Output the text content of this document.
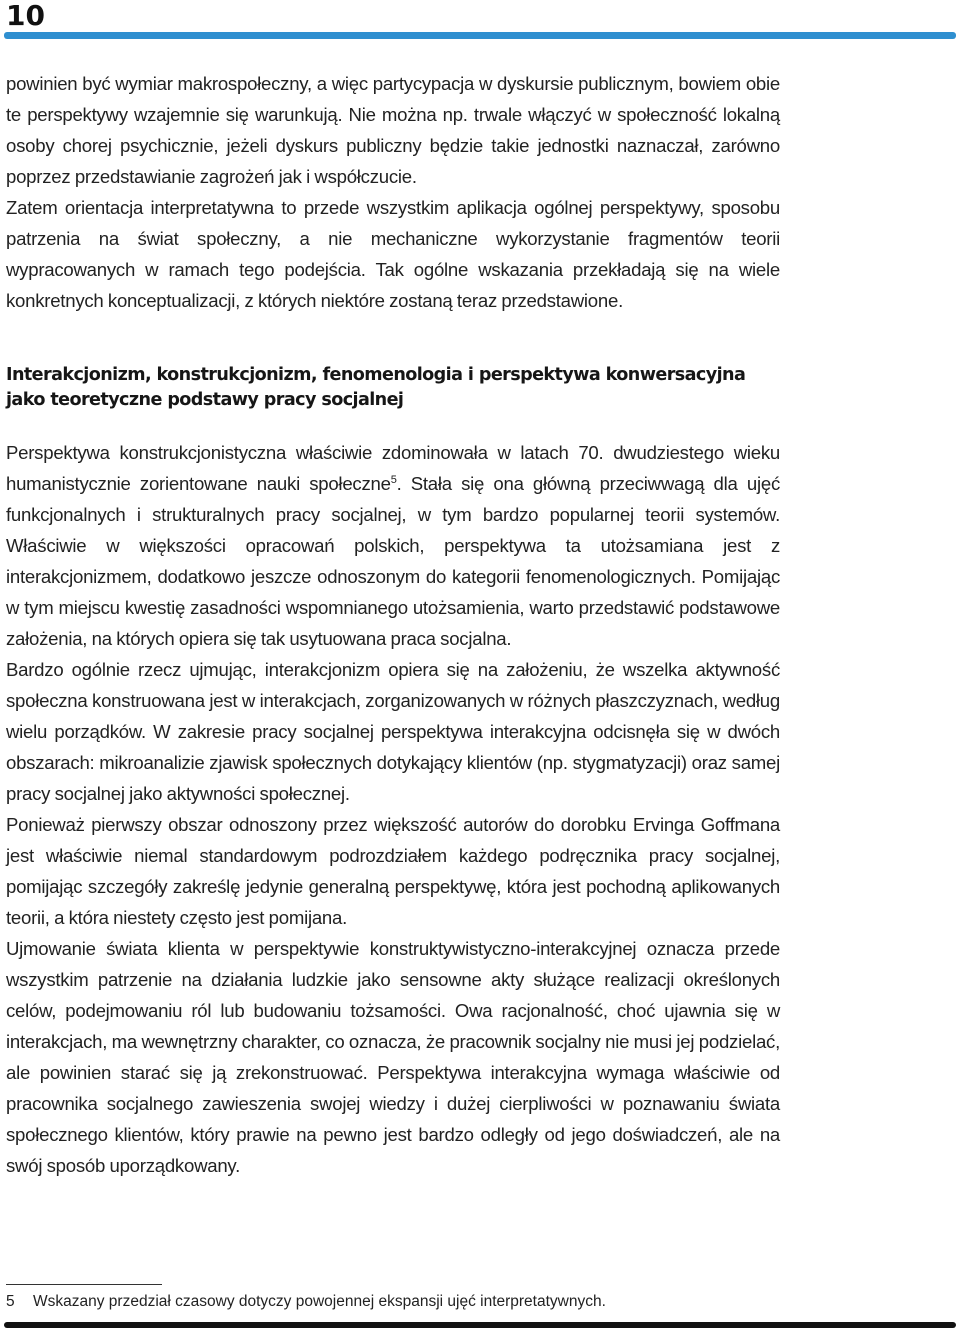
10

powinien być wymiar makrospołeczny, a więc partycypacja w dyskursie publicznym, bowiem obie te perspektywy wzajemnie się warunkują. Nie można np. trwale włączyć w społeczność lokalną osoby chorej psychicznie, jeżeli dyskurs publiczny będzie takie jednostki naznaczał, zarówno poprzez przedstawianie zagrożeń jak i współczucie.

Zatem orientacja interpretatywna to przede wszystkim aplikacja ogólnej perspektywy, sposobu patrzenia na świat społeczny, a nie mechaniczne wykorzystanie fragmentów teorii wypracowanych w ramach tego podejścia. Tak ogólne wskazania przekładają się na wiele konkretnych konceptualizacji, z których niektóre zostaną teraz przedstawione.

Interakcjonizm, konstrukcjonizm, fenomenologia i perspektywa konwersacyjna jako teoretyczne podstawy pracy socjalnej

Perspektywa konstrukcjonistyczna właściwie zdominowała w latach 70. dwudziestego wieku humanistycznie zorientowane nauki społeczne$^5$. Stała się ona główną przeciwwagą dla ujęć funkcjonalnych i strukturalnych pracy socjalnej, w tym bardzo popularnej teorii systemów. Właściwie w większości opracowań polskich, perspektywa ta utożsamiana jest z interakcjonizmem, dodatkowo jeszcze odnoszonym do kategorii fenomenologicznych. Pomijając w tym miejscu kwestię zasadności wspomnianego utożsamienia, warto przedstawić podstawowe założenia, na których opiera się tak usytuowana praca socjalna.

Bardzo ogólnie rzecz ujmując, interakcjonizm opiera się na założeniu, że wszelka aktywność społeczna konstruowana jest w interakcjach, zorganizowanych w różnych płaszczyznach, według wielu porządków. W zakresie pracy socjalnej perspektywa interakcyjna odcisnęła się w dwóch obszarach: mikroanalizie zjawisk społecznych dotykający klientów (np. stygmatyzacji) oraz samej pracy socjalnej jako aktywności społecznej.

Ponieważ pierwszy obszar odnoszony przez większość autorów do dorobku Ervinga Goffmana jest właściwie niemal standardowym podrozdziałem każdego podręcznika pracy socjalnej, pomijając szczegóły zakreślę jedynie generalną perspektywę, która jest pochodną aplikowanych teorii, a która niestety często jest pomijana.

Ujmowanie świata klienta w perspektywie konstruktywistyczno-interakcyjnej oznacza przede wszystkim patrzenie na działania ludzkie jako sensowne akty służące realizacji określonych celów, podejmowaniu ról lub budowaniu tożsamości. Owa racjonalność, choć ujawnia się w interakcjach, ma wewnętrzny charakter, co oznacza, że pracownik socjalny nie musi jej podzielać, ale powinien starać się ją zrekonstruować. Perspektywa interakcyjna wymaga właściwie od pracownika socjalnego zawieszenia swojej wiedzy i dużej cierpliwości w poznawaniu świata społecznego klientów, który prawie na pewno jest bardzo odległy od jego doświadczeń, ale na swój sposób uporządkowany.

5 Wskazany przedział czasowy dotyczy powojennej ekspansji ujęć interpretatywnych.
